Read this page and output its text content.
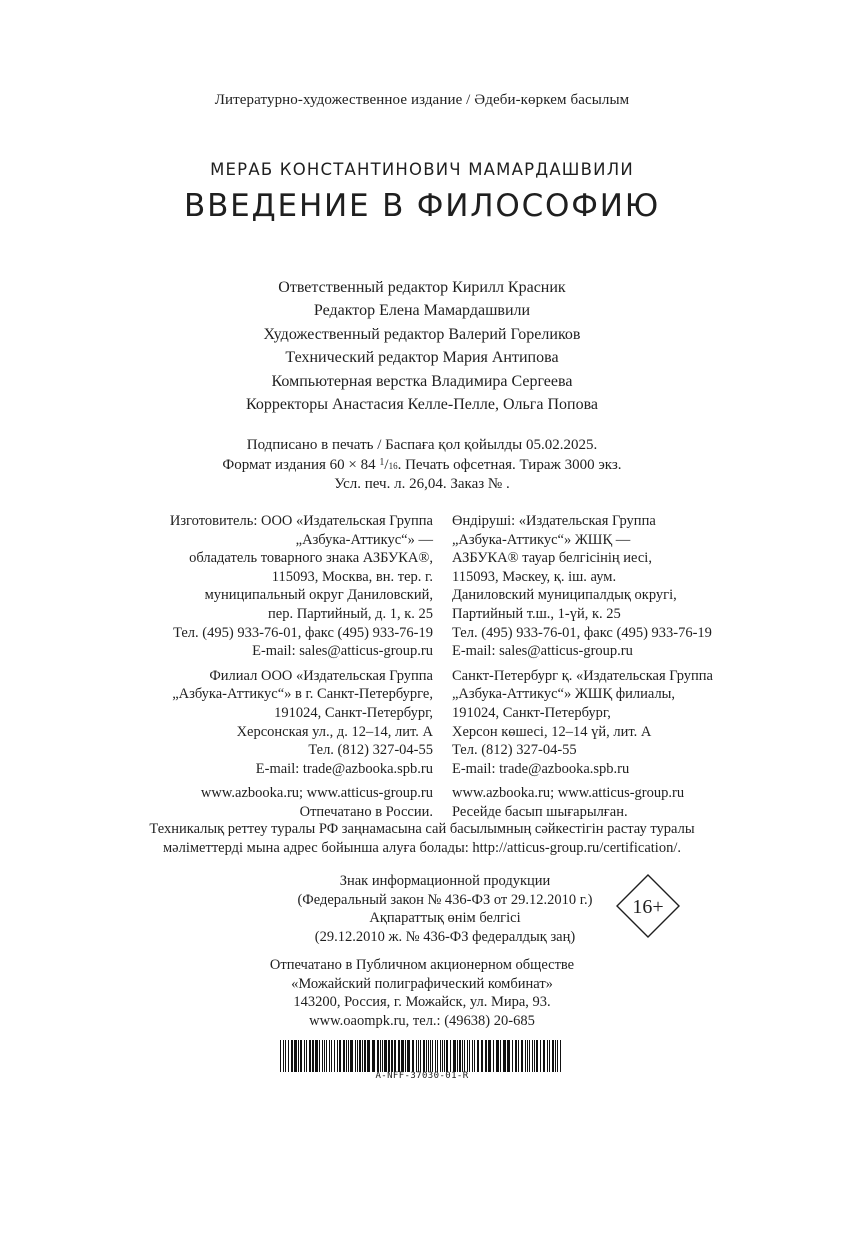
Литературно-художественное издание / Әдеби-көркем басылым
МЕРАБ КОНСТАНТИНОВИЧ МАМАРДАШВИЛИ
ВВЕДЕНИЕ В ФИЛОСОФИЮ
Ответственный редактор Кирилл Красник
Редактор Елена Мамардашвили
Художественный редактор Валерий Гореликов
Технический редактор Мария Антипова
Компьютерная верстка Владимира Сергеева
Корректоры Анастасия Келле-Пелле, Ольга Попова
Подписано в печать / Баспаға қол қойылды 05.02.2025.
Формат издания 60 × 84 $^1$/16. Печать офсетная. Тираж 3000 экз.
Усл. печ. л. 26,04. Заказ № .
Изготовитель: ООО «Издательская Группа
„Азбука-Аттикус“» —
обладатель товарного знака АЗБУКА®,
115093, Москва, вн. тер. г.
муниципальный округ Даниловский,
пер. Партийный, д. 1, к. 25
Тел. (495) 933-76-01, факс (495) 933-76-19
E-mail: sales@atticus-group.ru
Филиал ООО «Издательская Группа
„Азбука-Аттикус“» в г. Санкт-Петербурге,
191024, Санкт-Петербург,
Херсонская ул., д. 12–14, лит. А
Тел. (812) 327-04-55
E-mail: trade@azbooka.spb.ru
www.azbooka.ru; www.atticus-group.ru
Отпечатано в России.
Өндіруші: «Издательская Группа
„Азбука-Аттикус“» ЖШҚ —
АЗБУКА® тауар белгісінің иесі,
115093, Мәскеу, қ. іш. аум.
Даниловский муниципалдық округі,
Партийный т.ш., 1-үй, к. 25
Тел. (495) 933-76-01, факс (495) 933-76-19
E-mail: sales@atticus-group.ru
Санкт-Петербург қ. «Издательская Группа
„Азбука-Аттикус“» ЖШҚ филиалы,
191024, Санкт-Петербург,
Херсон көшесі, 12–14 үй, лит. А
Тел. (812) 327-04-55
E-mail: trade@azbooka.spb.ru
www.azbooka.ru; www.atticus-group.ru
Ресейде басып шығарылған.
Техникалық реттеу туралы РФ заңнамасына сай басылымның сәйкестігін растау туралы
мәліметтерді мына адрес бойынша алуға болады: http://atticus-group.ru/certification/.
Знак информационной продукции
(Федеральный закон № 436-ФЗ от 29.12.2010 г.)
Ақпараттық өнім белгісі
(29.12.2010 ж. № 436-ФЗ федералдық заң)
16+
Отпечатано в Публичном акционерном обществе
«Можайский полиграфический комбинат»
143200, Россия, г. Можайск, ул. Мира, 93.
www.oaompk.ru, тел.: (49638) 20-685
A-NFF-37030-01-R
